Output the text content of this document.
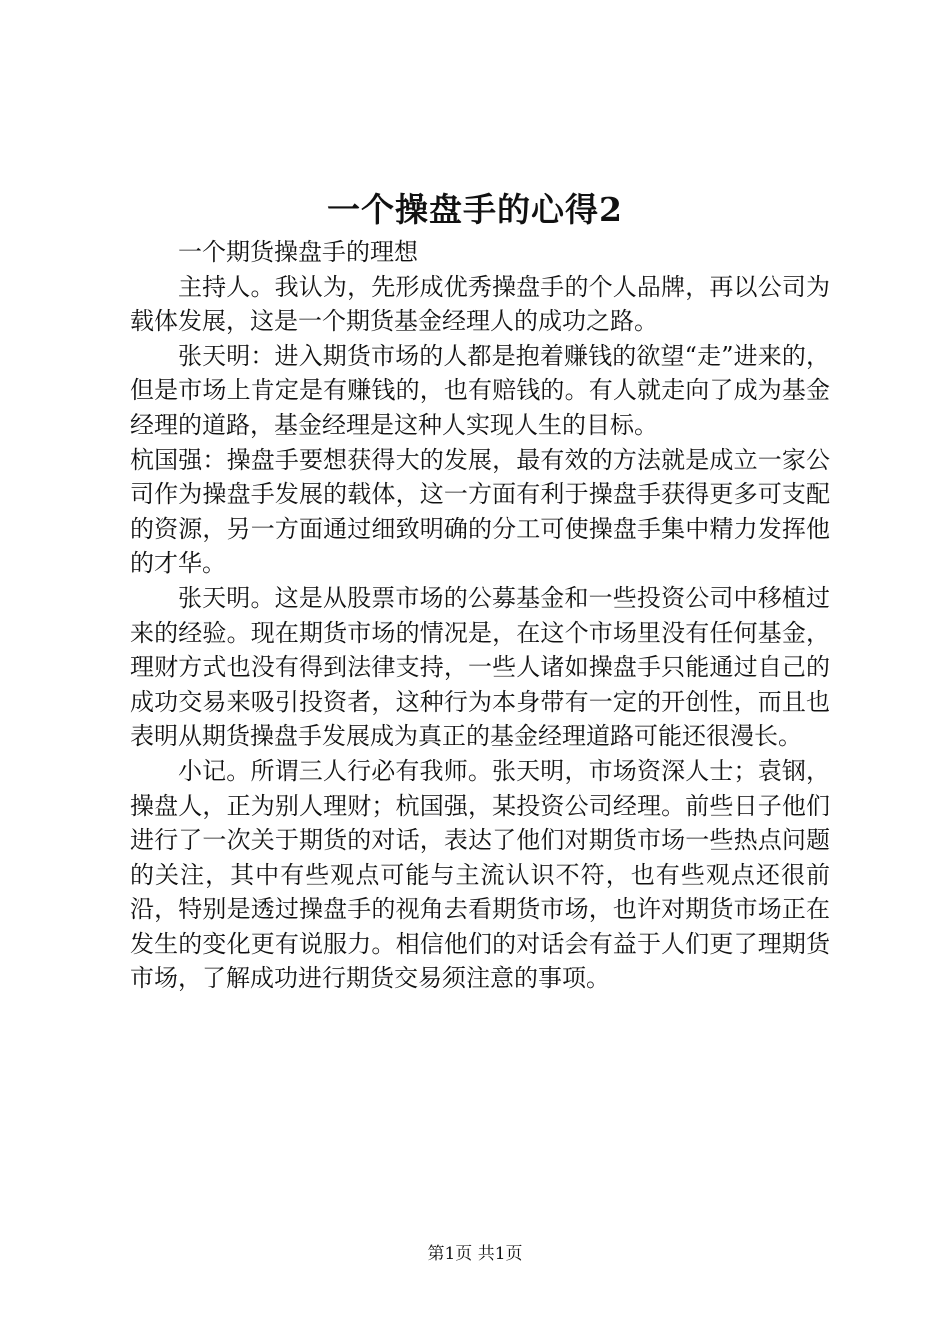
一个操盘手的心得2

一个期货操盘手的理想

主持人。我认为，先形成优秀操盘手的个人品牌，再以公司为载体发展，这是一个期货基金经理人的成功之路。

张天明：进入期货市场的人都是抱着赚钱的欲望“走”进来的，但是市场上肯定是有赚钱的，也有赔钱的。有人就走向了成为基金经理的道路，基金经理是这种人实现人生的目标。

杭国强：操盘手要想获得大的发展，最有效的方法就是成立一家公司作为操盘手发展的载体，这一方面有利于操盘手获得更多可支配的资源，另一方面通过细致明确的分工可使操盘手集中精力发挥他的才华。

张天明。这是从股票市场的公募基金和一些投资公司中移植过来的经验。现在期货市场的情况是，在这个市场里没有任何基金，理财方式也没有得到法律支持，一些人诸如操盘手只能通过自己的成功交易来吸引投资者，这种行为本身带有一定的开创性，而且也表明从期货操盘手发展成为真正的基金经理道路可能还很漫长。

小记。所谓三人行必有我师。张天明，市场资深人士；袁钢，操盘人，正为别人理财；杭国强，某投资公司经理。前些日子他们进行了一次关于期货的对话，表达了他们对期货市场一些热点问题的关注，其中有些观点可能与主流认识不符，也有些观点还很前沿，特别是透过操盘手的视角去看期货市场，也许对期货市场正在发生的变化更有说服力。相信他们的对话会有益于人们更了理期货市场，了解成功进行期货交易须注意的事项。

第1页 共1页
